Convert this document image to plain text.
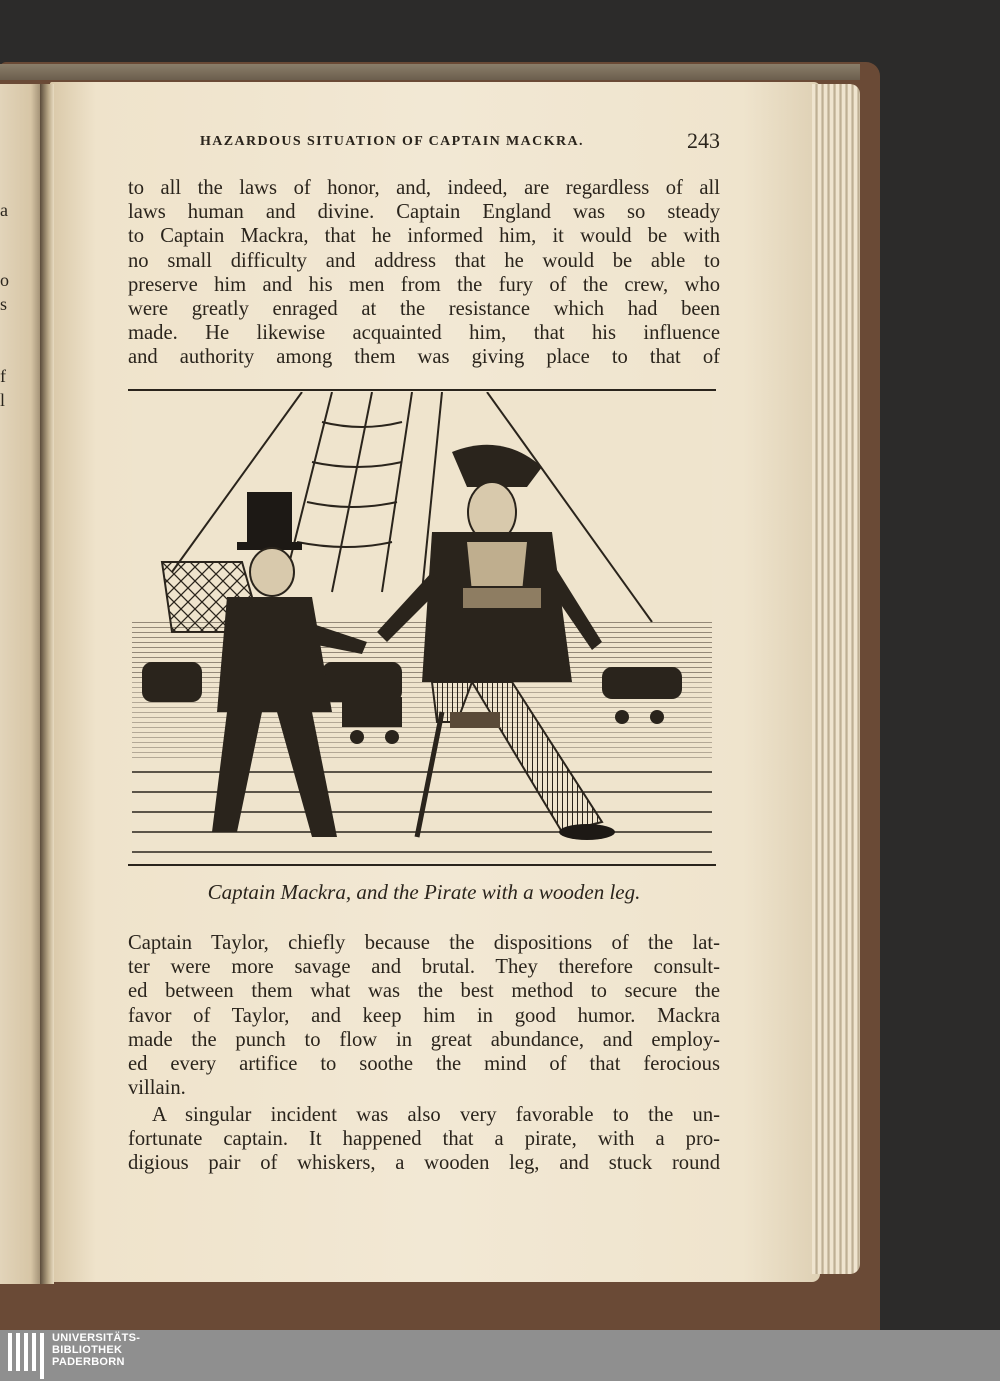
a
o
s
f
l
HAZARDOUS SITUATION OF CAPTAIN MACKRA.	243
to all the laws of honor, and, indeed, are regardless of all
laws human and divine. Captain England was so steady
to Captain Mackra, that he informed him, it would be with
no small difficulty and address that he would be able to
preserve him and his men from the fury of the crew, who
were greatly enraged at the resistance which had been
made. He likewise acquainted him, that his influence
and authority among them was giving place to that of
Captain Mackra, and the Pirate with a wooden leg.
Captain Taylor, chiefly because the dispositions of the lat-
ter were more savage and brutal. They therefore consult-
ed between them what was the best method to secure the
favor of Taylor, and keep him in good humor. Mackra
made the punch to flow in great abundance, and employ-
ed every artifice to soothe the mind of that ferocious
villain.
A singular incident was also very favorable to the un-
fortunate captain. It happened that a pirate, with a pro-
digious pair of whiskers, a wooden leg, and stuck round
UNIVERSITÄTS-
BIBLIOTHEK
PADERBORN
